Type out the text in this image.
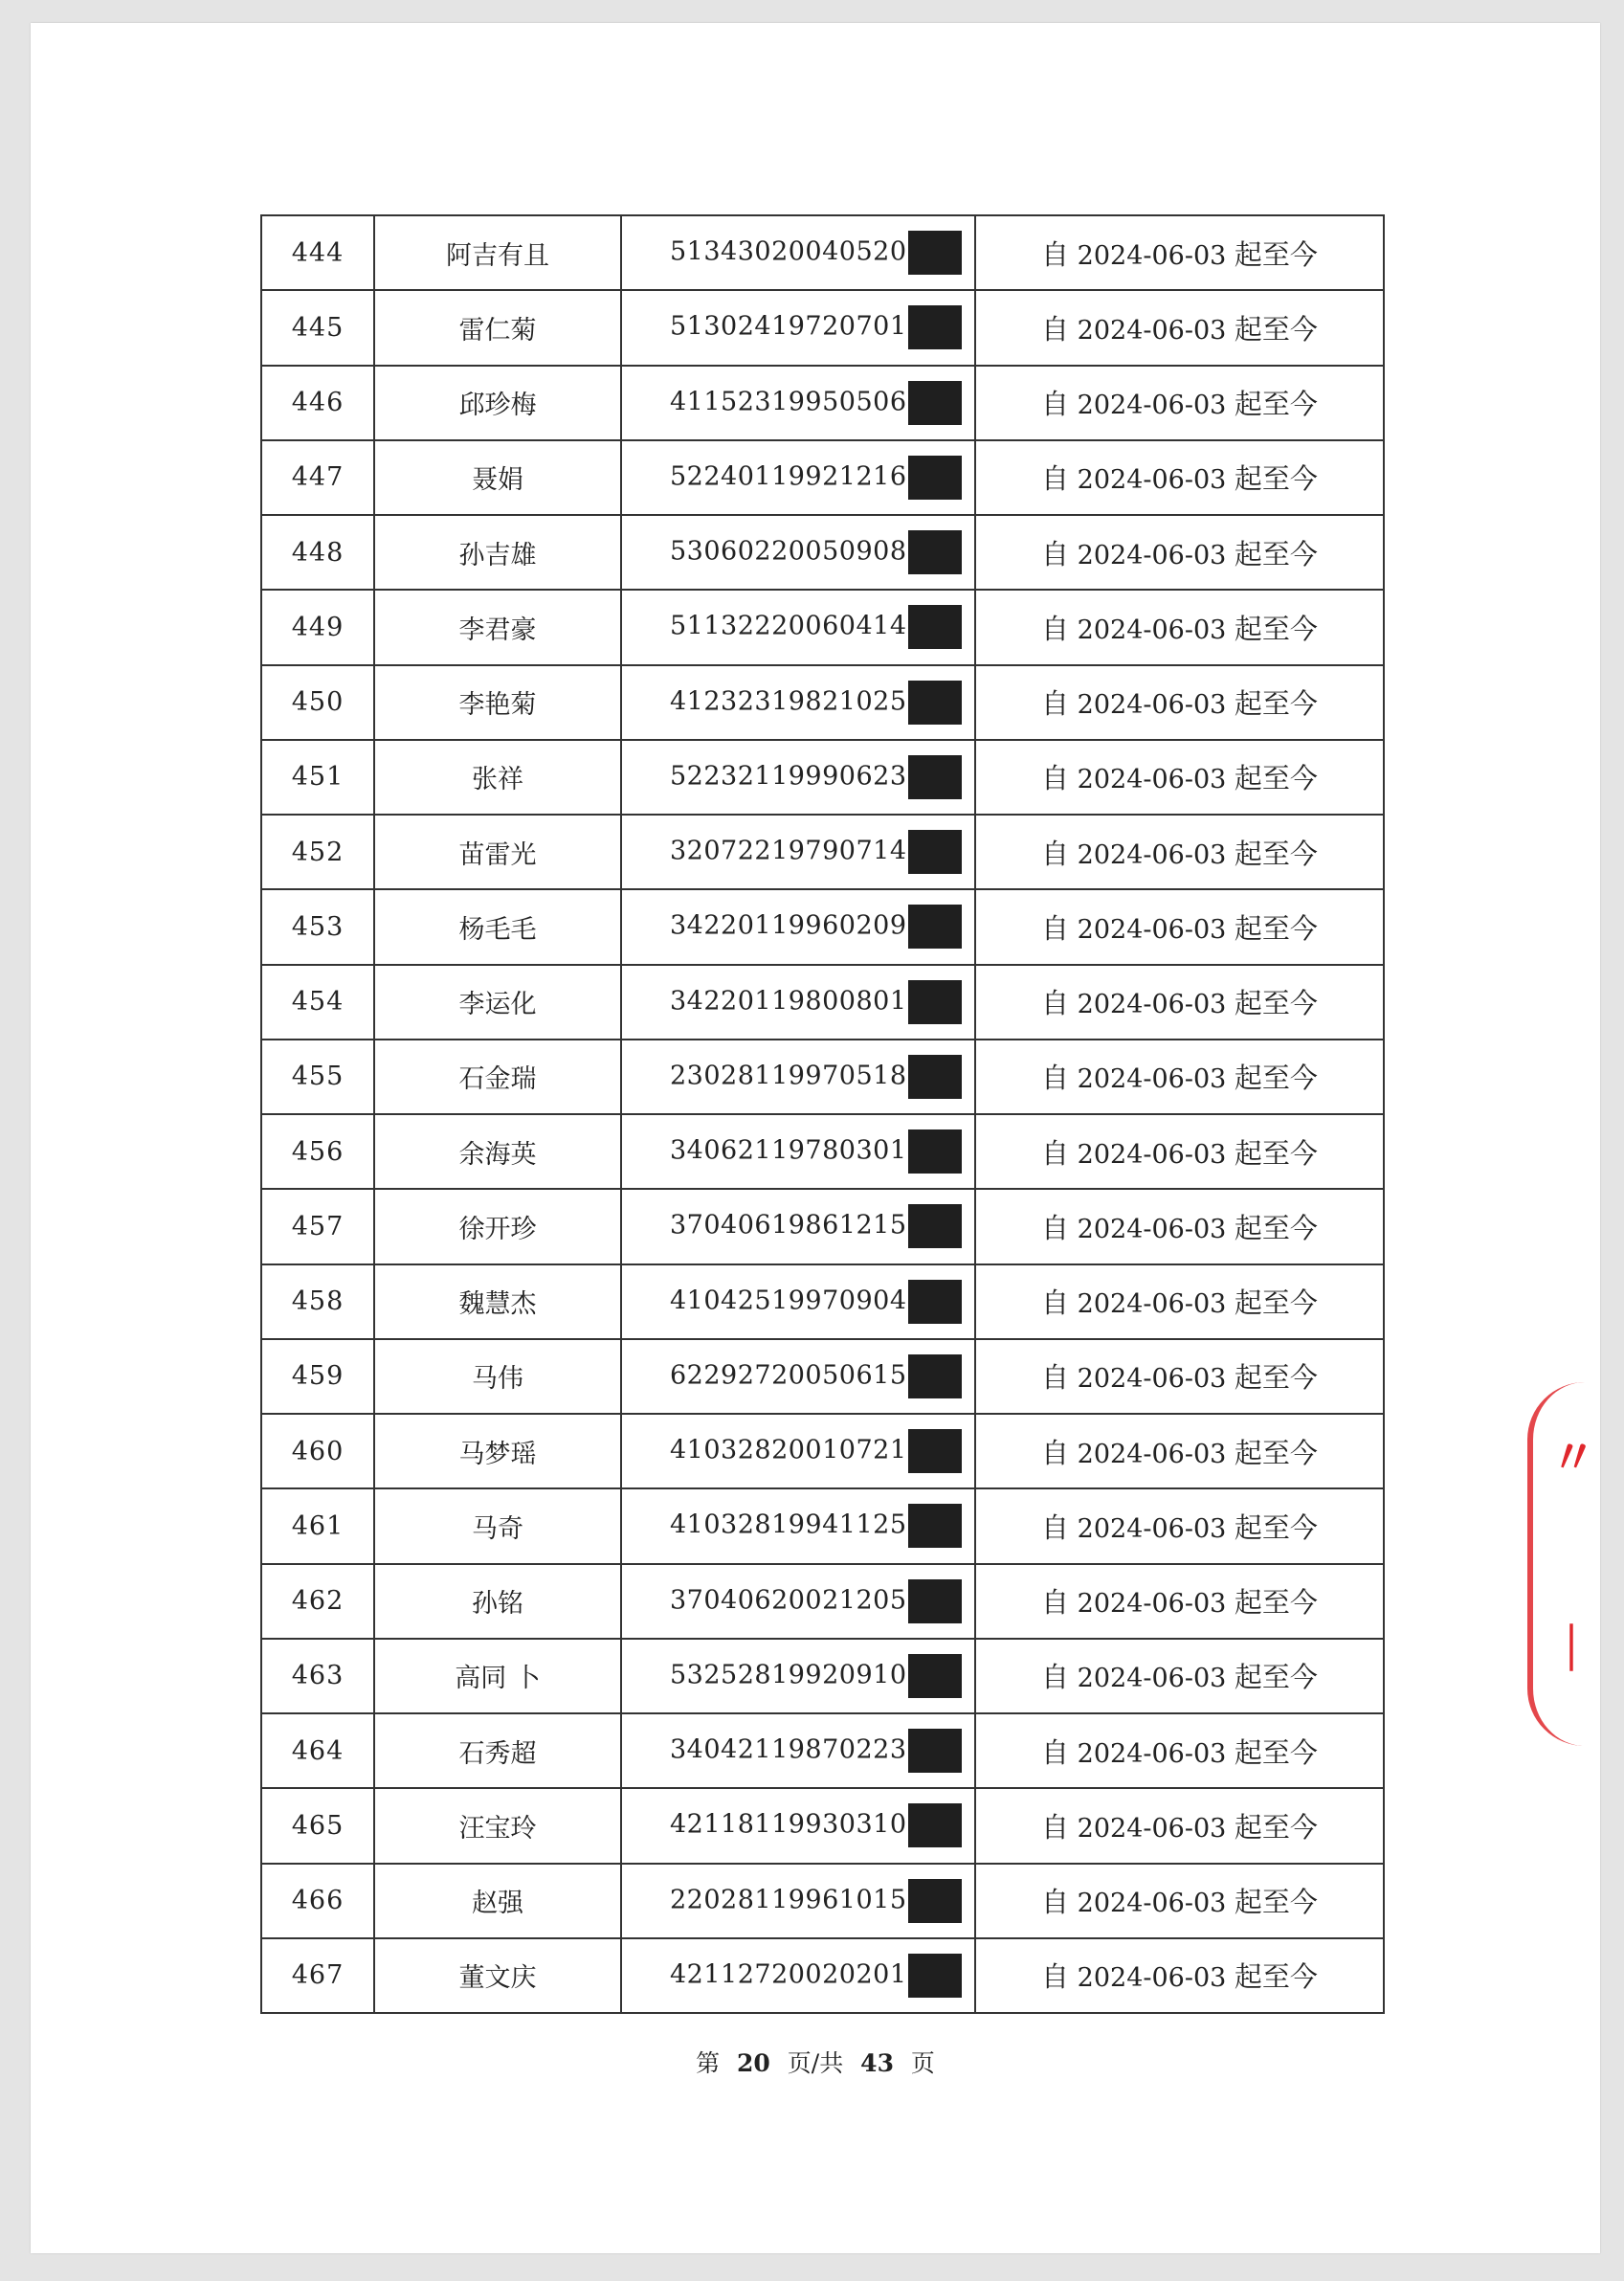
444	阿吉有且	51343020040520	自 2024-06-03 起至今
445	雷仁菊	51302419720701	自 2024-06-03 起至今
446	邱珍梅	41152319950506	自 2024-06-03 起至今
447	聂娟	52240119921216	自 2024-06-03 起至今
448	孙吉雄	53060220050908	自 2024-06-03 起至今
449	李君豪	51132220060414	自 2024-06-03 起至今
450	李艳菊	41232319821025	自 2024-06-03 起至今
451	张祥	52232119990623	自 2024-06-03 起至今
452	苗雷光	32072219790714	自 2024-06-03 起至今
453	杨毛毛	34220119960209	自 2024-06-03 起至今
454	李运化	34220119800801	自 2024-06-03 起至今
455	石金瑞	23028119970518	自 2024-06-03 起至今
456	余海英	34062119780301	自 2024-06-03 起至今
457	徐开珍	37040619861215	自 2024-06-03 起至今
458	魏慧杰	41042519970904	自 2024-06-03 起至今
459	马伟	62292720050615	自 2024-06-03 起至今
460	马梦瑶	41032820010721	自 2024-06-03 起至今
461	马奇	41032819941125	自 2024-06-03 起至今
462	孙铭	37040620021205	自 2024-06-03 起至今
463	高同 卜	53252819920910	自 2024-06-03 起至今
464	石秀超	34042119870223	自 2024-06-03 起至今
465	汪宝玲	42118119930310	自 2024-06-03 起至今
466	赵强	22028119961015	自 2024-06-03 起至今
467	董文庆	42112720020201	自 2024-06-03 起至今
第 20 页/共 43 页
〃
｜
